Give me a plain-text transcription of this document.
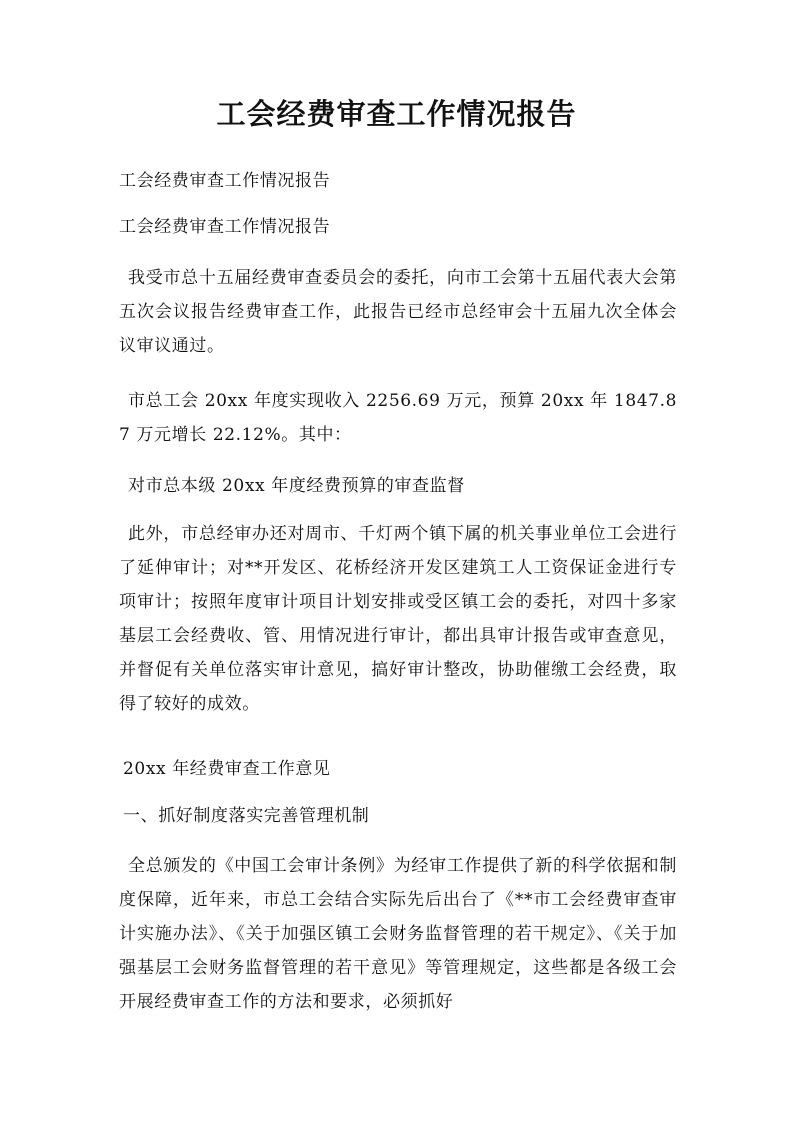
工会经费审查工作情况报告

工会经费审查工作情况报告

工会经费审查工作情况报告

我受市总十五届经费审查委员会的委托，向市工会第十五届代表大会第五次会议报告经费审查工作，此报告已经市总经审会十五届九次全体会议审议通过。

市总工会 20xx 年度实现收入 2256.69 万元，预算 20xx 年 1847.87 万元增长 22.12%。其中：

对市总本级 20xx 年度经费预算的审查监督

此外，市总经审办还对周市、千灯两个镇下属的机关事业单位工会进行了延伸审计；对**开发区、花桥经济开发区建筑工人工资保证金进行专项审计；按照年度审计项目计划安排或受区镇工会的委托，对四十多家基层工会经费收、管、用情况进行审计，都出具审计报告或审查意见，并督促有关单位落实审计意见，搞好审计整改，协助催缴工会经费，取得了较好的成效。

20xx 年经费审查工作意见

一、抓好制度落实完善管理机制

全总颁发的《中国工会审计条例》为经审工作提供了新的科学依据和制度保障，近年来，市总工会结合实际先后出台了《**市工会经费审查审计实施办法》、《关于加强区镇工会财务监督管理的若干规定》、《关于加强基层工会财务监督管理的若干意见》等管理规定，这些都是各级工会开展经费审查工作的方法和要求，必须抓好
